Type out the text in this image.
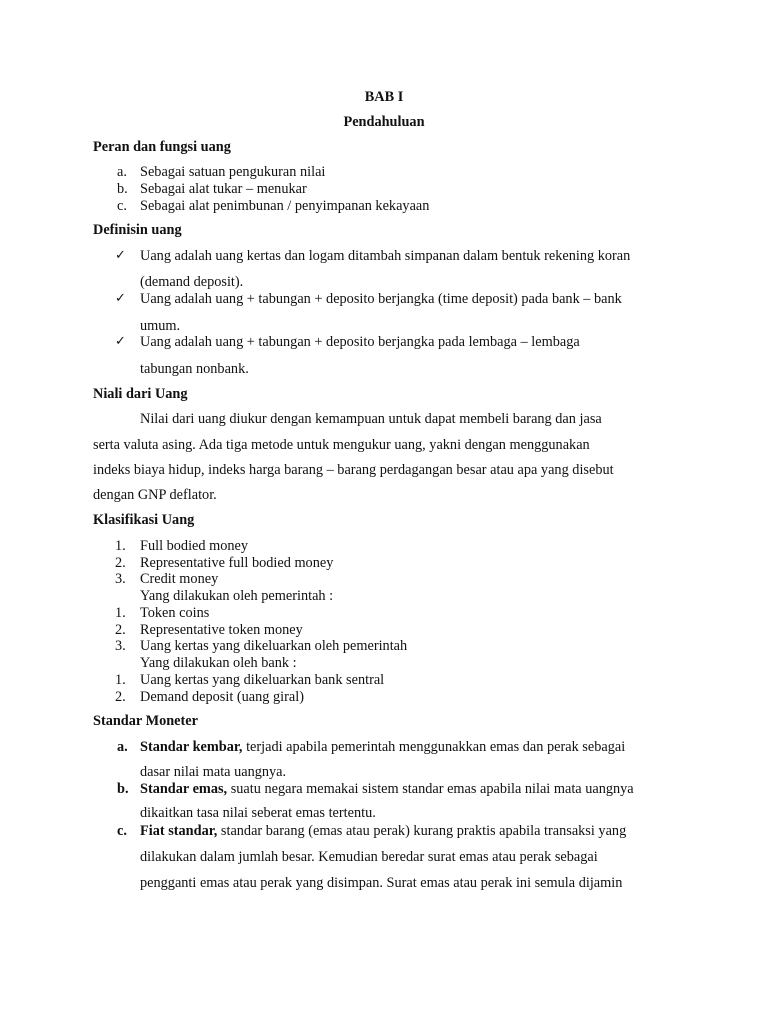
BAB I
Pendahuluan
Peran dan fungsi uang
a. Sebagai satuan pengukuran nilai
b. Sebagai alat tukar – menukar
c. Sebagai alat penimbunan / penyimpanan kekayaan
Definisin uang
✓ Uang adalah uang kertas dan logam ditambah simpanan dalam bentuk rekening koran
(demand deposit).
✓ Uang adalah uang + tabungan + deposito berjangka (time deposit) pada bank – bank
umum.
✓ Uang adalah uang + tabungan + deposito berjangka pada lembaga – lembaga
tabungan nonbank.
Niali dari Uang
Nilai dari uang diukur dengan kemampuan untuk dapat membeli barang dan jasa
serta valuta asing. Ada tiga metode untuk mengukur uang, yakni dengan menggunakan
indeks biaya hidup, indeks harga barang – barang perdagangan besar atau apa yang disebut
dengan GNP deflator.
Klasifikasi Uang
1. Full bodied money
2. Representative full bodied money
3. Credit money
Yang dilakukan oleh pemerintah :
1. Token coins
2. Representative token money
3. Uang kertas yang dikeluarkan oleh pemerintah
Yang dilakukan oleh bank :
1. Uang kertas yang dikeluarkan bank sentral
2. Demand deposit (uang giral)
Standar Moneter
a. Standar kembar, terjadi apabila pemerintah menggunakkan emas dan perak sebagai
dasar nilai mata uangnya.
b. Standar emas, suatu negara memakai sistem standar emas apabila nilai mata uangnya
dikaitkan tasa nilai seberat emas tertentu.
c. Fiat standar, standar barang (emas atau perak) kurang praktis apabila transaksi yang
dilakukan dalam jumlah besar. Kemudian beredar surat emas atau perak sebagai
pengganti emas atau perak yang disimpan. Surat emas atau perak ini semula dijamin
